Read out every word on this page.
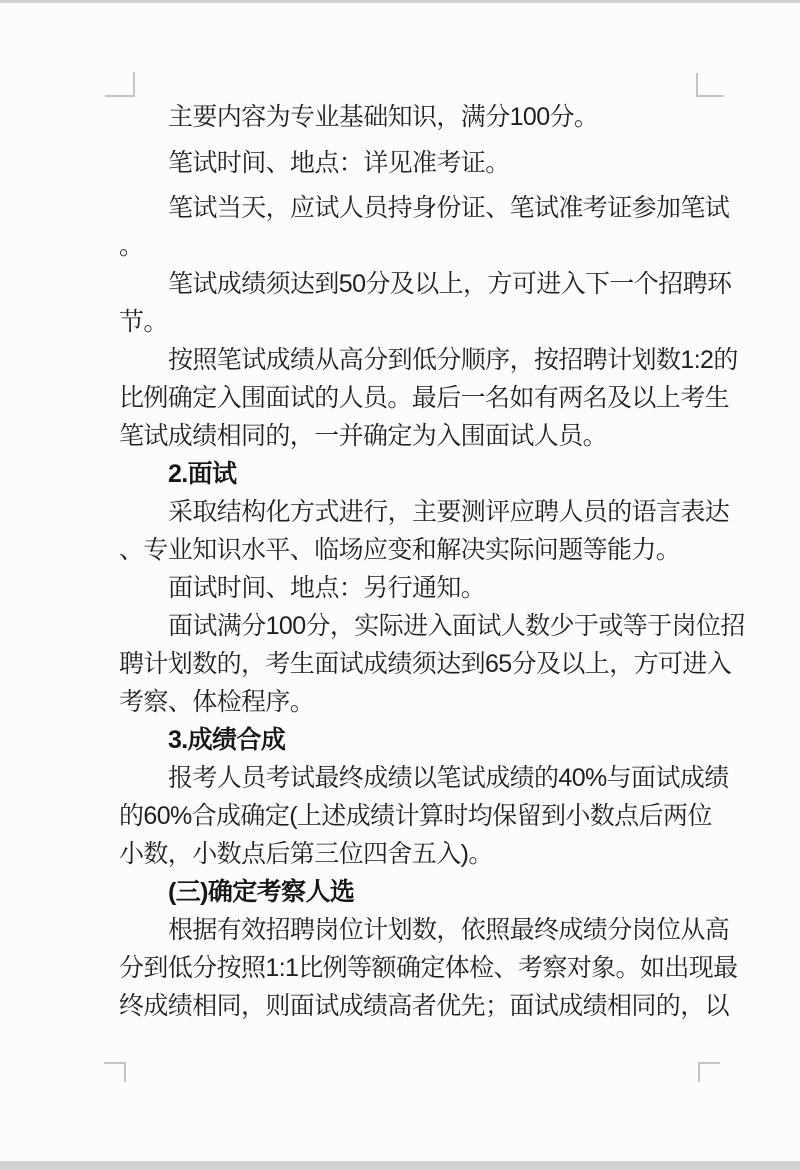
主要内容为专业基础知识，满分100分。
笔试时间、地点：详见准考证。
笔试当天，应试人员持身份证、笔试准考证参加笔试
。
笔试成绩须达到50分及以上，方可进入下一个招聘环
节。
按照笔试成绩从高分到低分顺序，按招聘计划数1:2的
比例确定入围面试的人员。最后一名如有两名及以上考生
笔试成绩相同的，一并确定为入围面试人员。
2.面试
采取结构化方式进行，主要测评应聘人员的语言表达
、专业知识水平、临场应变和解决实际问题等能力。
面试时间、地点：另行通知。
面试满分100分，实际进入面试人数少于或等于岗位招
聘计划数的，考生面试成绩须达到65分及以上，方可进入
考察、体检程序。
3.成绩合成
报考人员考试最终成绩以笔试成绩的40%与面试成绩
的60%合成确定(上述成绩计算时均保留到小数点后两位
小数，小数点后第三位四舍五入)。
(三)确定考察人选
根据有效招聘岗位计划数，依照最终成绩分岗位从高
分到低分按照1:1比例等额确定体检、考察对象。如出现最
终成绩相同，则面试成绩高者优先；面试成绩相同的，以
